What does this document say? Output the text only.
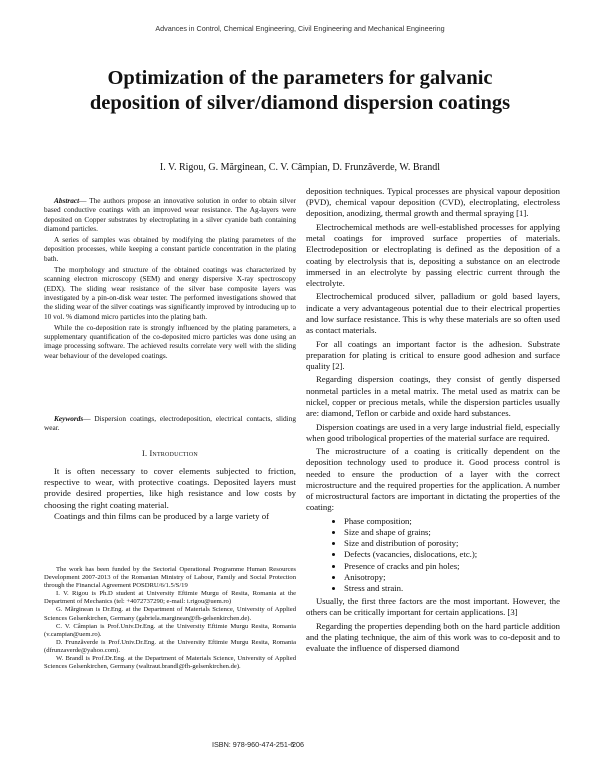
Advances in Control, Chemical Engineering, Civil Engineering and Mechanical Engineering
Optimization of the parameters for galvanic deposition of silver/diamond dispersion coatings
I. V. Rigou, G. Mărginean, C. V. Câmpian, D. Frunzăverde, W. Brandl

Abstract— The authors propose an innovative solution in order to obtain silver based conductive coatings with an improved wear resistance. The Ag-layers were deposited on Copper substrates by electroplating in a silver cyanide bath containing diamond particles.

A series of samples was obtained by modifying the plating parameters of the deposition processes, while keeping a constant particle concentration in the plating bath.

The morphology and structure of the obtained coatings was characterized by scanning electron microscopy (SEM) and energy dispersive X-ray spectroscopy (EDX). The sliding wear resistance of the silver base composite layers was investigated by a pin-on-disk wear tester. The performed investigations showed that the sliding wear of the silver coatings was significantly improved by introducing up to 10 vol. % diamond micro particles into the plating bath.

While the co-deposition rate is strongly influenced by the plating parameters, a supplementary quantification of the co-deposited micro particles was done using an image processing software. The achieved results correlate very well with the sliding wear behaviour of the developed coatings.

Keywords— Dispersion coatings, electrodeposition, electrical contacts, sliding wear.

I. Introduction

It is often necessary to cover elements subjected to friction, respective to wear, with protective coatings. Deposited layers must provide desired properties, like high resistance and low costs by choosing the right coating material.

Coatings and thin films can be produced by a large variety of

The work has been funded by the Sectorial Operational Programme Human Resources Development 2007-2013 of the Romanian Ministry of Labour, Family and Social Protection through the Financial Agreement POSDRU/6/1.5/S/19

I. V. Rigou is Ph.D student at University Eftimie Murgu of Resita, Romania at the Department of Mechanics (tel: +4072737290; e-mail: i.rigou@uem.ro)

G. Mărginean is Dr.Eng. at the Department of Materials Science, University of Applied Sciences Gelsenkirchen, Germany (gabriela.marginean@fh-gelsenkirchen.de).

C. V. Câmpian is Prof.Univ.Dr.Eng. at the University Eftimie Murgu Resita, Romania (v.campian@uem.ro).

D. Frunzăverde is Prof.Univ.Dr.Eng. at the University Eftimie Murgu Resita, Romania (dfrunzaverde@yahoo.com).

W. Brandl is Prof.Dr.Eng. at the Department of Materials Science, University of Applied Sciences Gelsenkirchen, Germany (waltraut.brandl@fh-gelsenkirchen.de).

deposition techniques. Typical processes are physical vapour deposition (PVD), chemical vapour deposition (CVD), electroplating, electroless deposition, anodizing, thermal growth and thermal spraying [1].

Electrochemical methods are well-established processes for applying metal coatings for improved surface properties of materials. Electrodeposition or electroplating is defined as the deposition of a coating by electrolysis that is, depositing a substance on an electrode immersed in an electrolyte by passing electric current through the electrolyte.

Electrochemical produced silver, palladium or gold based layers, indicate a very advantageous potential due to their electrical properties and low surface resistance. This is why these materials are so often used as contact materials.

For all coatings an important factor is the adhesion. Substrate preparation for plating is critical to ensure good adhesion and surface quality [2].

Regarding dispersion coatings, they consist of gently dispersed nonmetal particles in a metal matrix. The metal used as matrix can be nickel, copper or precious metals, while the dispersion particles usually are: diamond, Teflon or carbide and oxide hard substances.

Dispersion coatings are used in a very large industrial field, especially when good tribological properties of the material surface are required.

The microstructure of a coating is critically dependent on the deposition technology used to produce it. Good process control is needed to ensure the production of a layer with the correct microstructure and the required properties for the application. A number of microstructural factors are important in dictating the properties of the coating:

• Phase composition;
• Size and shape of grains;
• Size and distribution of porosity;
• Defects (vacancies, dislocations, etc.);
• Presence of cracks and pin holes;
• Anisotropy;
• Stress and strain.

Usually, the first three factors are the most important. However, the others can be critically important for certain applications. [3]

Regarding the properties depending both on the hard particle addition and the plating technique, the aim of this work was to co-deposit and to evaluate the influence of dispersed diamond

ISBN: 978-960-474-251-6
206
